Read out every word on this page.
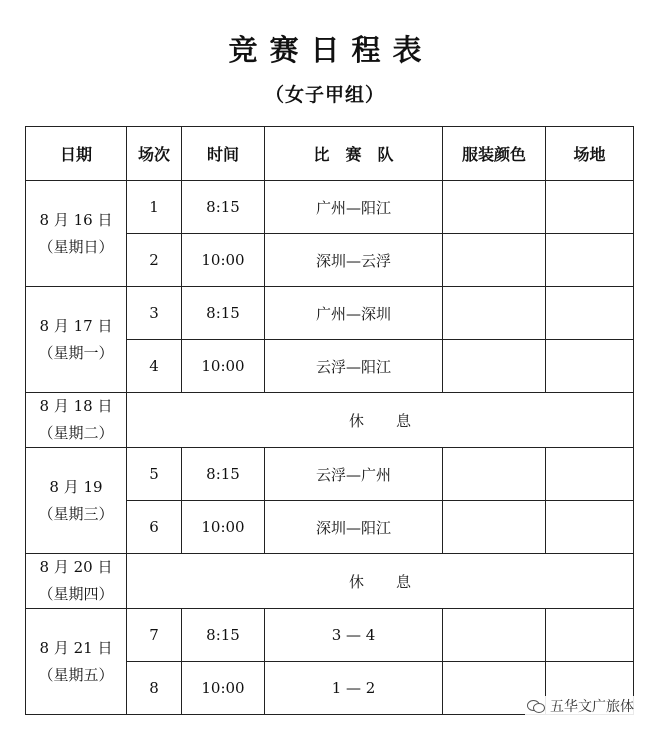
竞赛日程表
（女子甲组）
日期	场次	时间	比赛队	服装颜色	场地

8 月 16 日
（星期日）	1	8:15	广州—阳江		
	2	10:00	深圳—云浮		

8 月 17 日
（星期一）	3	8:15	广州—深圳		
	4	10:00	云浮—阳江		

8 月 18 日
（星期二）	休息				

8 月 19
（星期三）	5	8:15	云浮—广州		
	6	10:00	深圳—阳江		

8 月 20 日
（星期四）	休息				

8 月 21 日
（星期五）	7	8:15	3 — 4		
	8	10:00	1 — 2		
五华文广旅体
